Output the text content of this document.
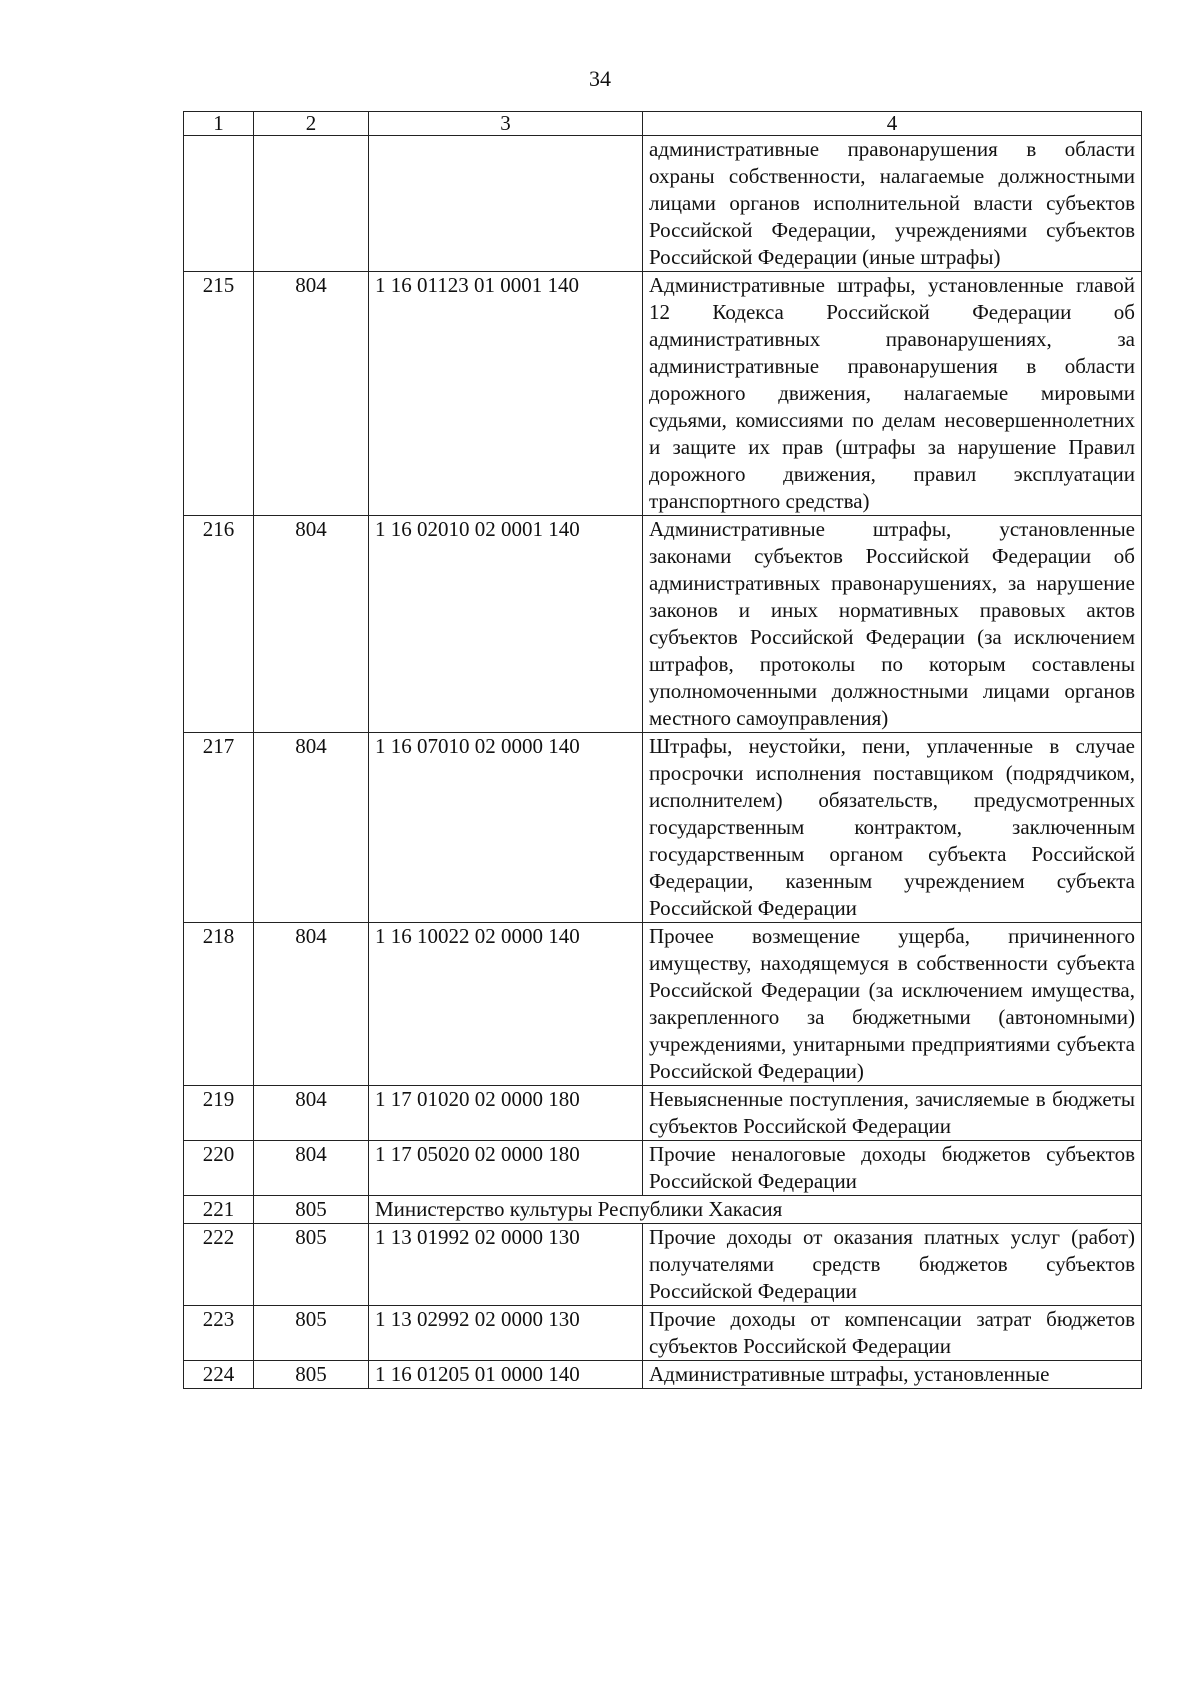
34
1	2	3	4
			административные правонарушения в области охраны собственности, налагаемые должностными лицами органов исполнительной власти субъектов Российской Федерации, учреждениями субъектов Российской Федерации (иные штрафы)
215	804	1 16 01123 01 0001 140	Административные штрафы, установленные главой 12 Кодекса Российской Федерации об административных правонарушениях, за административные правонарушения в области дорожного движения, налагаемые мировыми судьями, комиссиями по делам несовершеннолетних и защите их прав (штрафы за нарушение Правил дорожного движения, правил эксплуатации транспортного средства)
216	804	1 16 02010 02 0001 140	Административные штрафы, установленные законами субъектов Российской Федерации об административных правонарушениях, за нарушение законов и иных нормативных правовых актов субъектов Российской Федерации (за исключением штрафов, протоколы по которым составлены уполномоченными должностными лицами органов местного самоуправления)
217	804	1 16 07010 02 0000 140	Штрафы, неустойки, пени, уплаченные в случае просрочки исполнения поставщиком (подрядчиком, исполнителем) обязательств, предусмотренных государственным контрактом, заключенным государственным органом субъекта Российской Федерации, казенным учреждением субъекта Российской Федерации
218	804	1 16 10022 02 0000 140	Прочее возмещение ущерба, причиненного имуществу, находящемуся в собственности субъекта Российской Федерации (за исключением имущества, закрепленного за бюджетными (автономными) учреждениями, унитарными предприятиями субъекта Российской Федерации)
219	804	1 17 01020 02 0000 180	Невыясненные поступления, зачисляемые в бюджеты субъектов Российской Федерации
220	804	1 17 05020 02 0000 180	Прочие неналоговые доходы бюджетов субъектов Российской Федерации
221	805	Министерство культуры Республики Хакасия	
222	805	1 13 01992 02 0000 130	Прочие доходы от оказания платных услуг (работ) получателями средств бюджетов субъектов Российской Федерации
223	805	1 13 02992 02 0000 130	Прочие доходы от компенсации затрат бюджетов субъектов Российской Федерации
224	805	1 16 01205 01 0000 140	Административные штрафы, установленные
